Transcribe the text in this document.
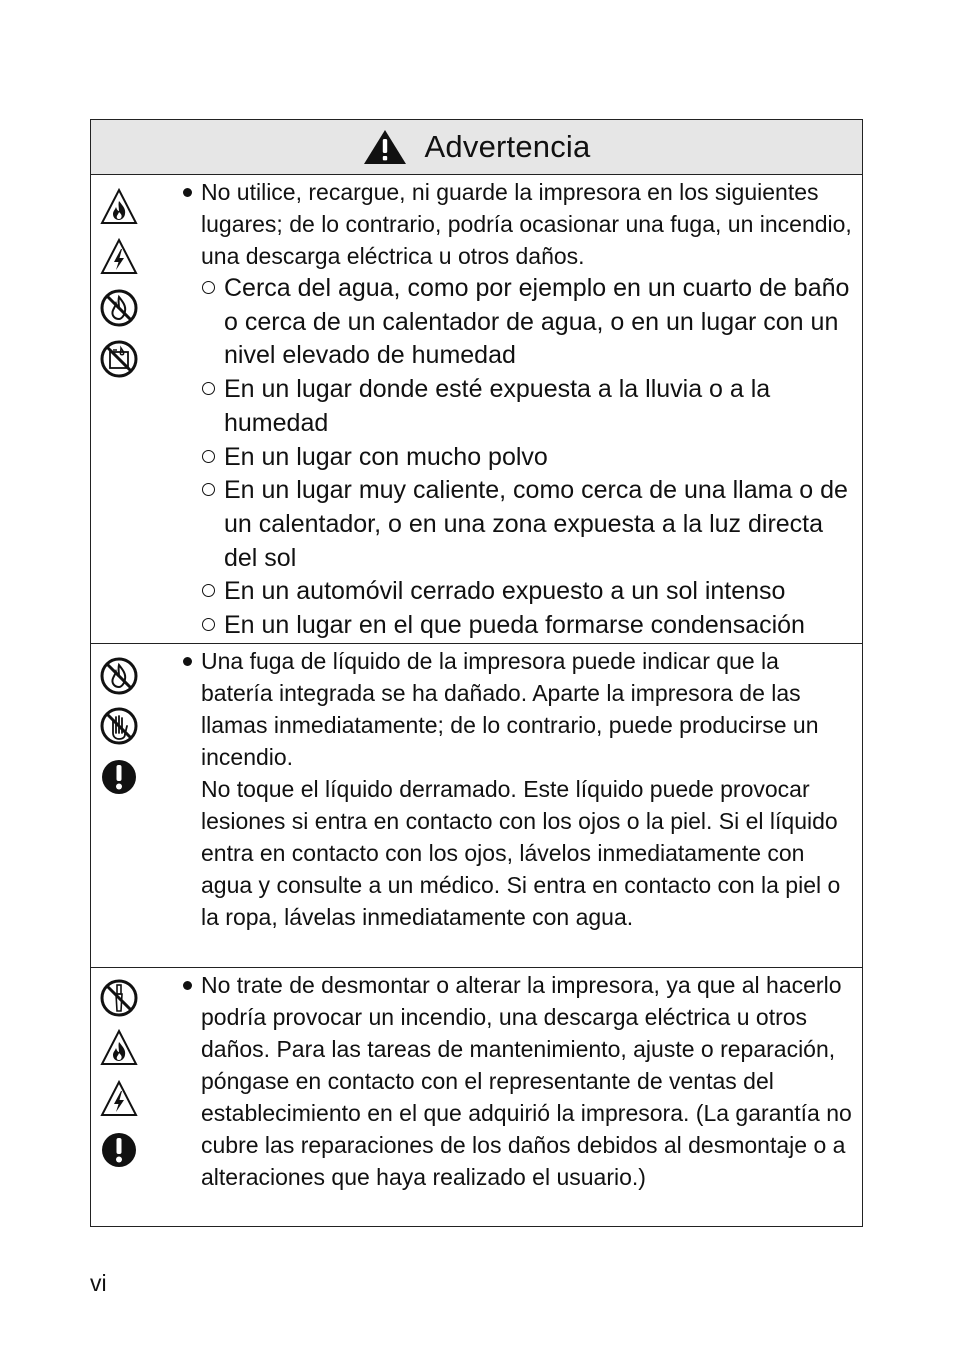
Advertencia

No utilice, recargue, ni guarde la impresora en los siguientes lugares; de lo contrario, podría ocasionar una fuga, un incendio, una descarga eléctrica u otros daños.

Cerca del agua, como por ejemplo en un cuarto de baño o cerca de un calentador de agua, o en un lugar con un nivel elevado de humedad

En un lugar donde esté expuesta a la lluvia o a la humedad

En un lugar con mucho polvo

En un lugar muy caliente, como cerca de una llama o de un calentador, o en una zona expuesta a la luz directa del sol

En un automóvil cerrado expuesto a un sol intenso

En un lugar en el que pueda formarse condensación

Una fuga de líquido de la impresora puede indicar que la batería integrada se ha dañado. Aparte la impresora de las llamas inmediatamente; de lo contrario, puede producirse un incendio.

No toque el líquido derramado. Este líquido puede provocar lesiones si entra en contacto con los ojos o la piel. Si el líquido entra en contacto con los ojos, lávelos inmediatamente con agua y consulte a un médico. Si entra en contacto con la piel o la ropa, lávelas inmediatamente con agua.

No trate de desmontar o alterar la impresora, ya que al hacerlo podría provocar un incendio, una descarga eléctrica u otros daños. Para las tareas de mantenimiento, ajuste o reparación, póngase en contacto con el representante de ventas del establecimiento en el que adquirió la impresora. (La garantía no cubre las reparaciones de los daños debidos al desmontaje o a alteraciones que haya realizado el usuario.)

vi
